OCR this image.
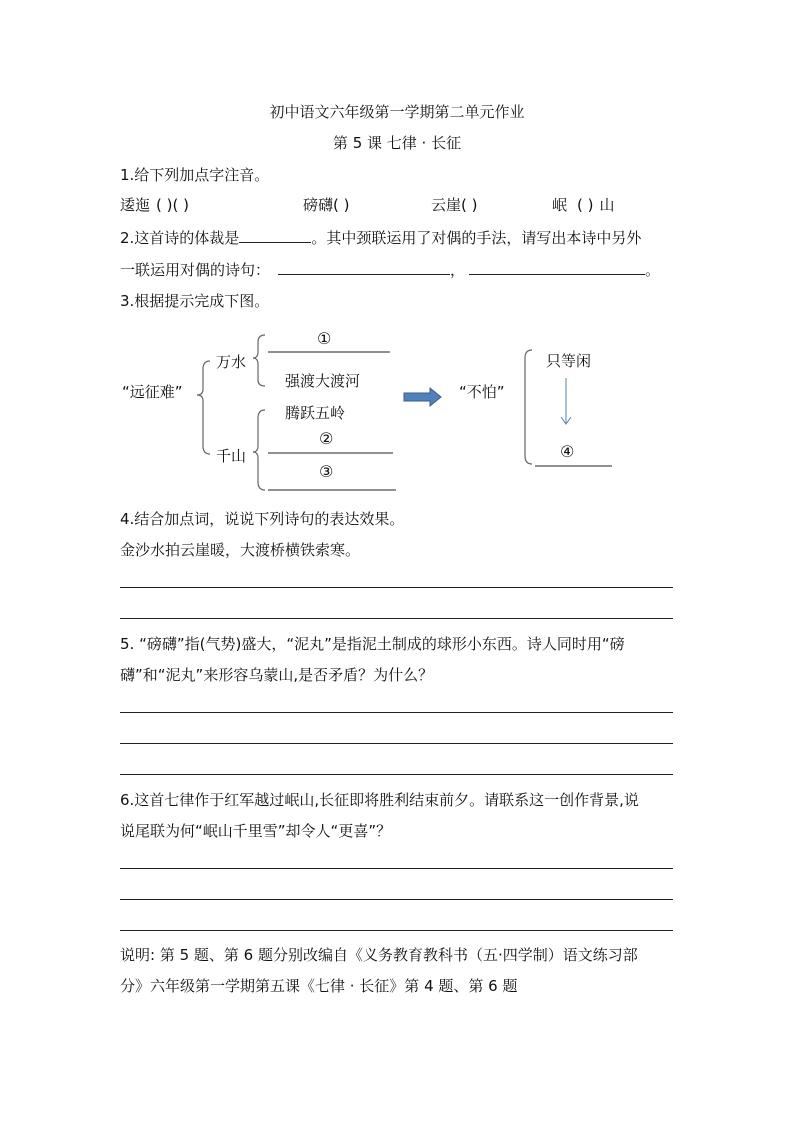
初中语文六年级第一学期第二单元作业
第 5 课 七律 · 长征
1.给下列加点字注音。
逶迤 ( )( )	磅礴( )	云崖( )	岷 ( ) 山
2.这首诗的体裁是	。其中颈联运用了对偶的手法，请写出本诗中另外
一联运用对偶的诗句：	，	。
3.根据提示完成下图。
“远征难”
万水
千山
①
强渡大渡河
腾跃五岭
②
③
“不怕”
只等闲
④
4.结合加点词，说说下列诗句的表达效果。
金沙水拍云崖暖，大渡桥横铁索寒。
5. “磅礴”指(气势)盛大，“泥丸”是指泥土制成的球形小东西。诗人同时用“磅
礴”和“泥丸”来形容乌蒙山,是否矛盾？为什么？
6.这首七律作于红军越过岷山,长征即将胜利结束前夕。请联系这一创作背景,说
说尾联为何“岷山千里雪”却令人“更喜”？
说明: 第 5 题、第 6 题分别改编自《义务教育教科书（五·四学制）语文练习部
分》六年级第一学期第五课《七律 · 长征》第 4 题、第 6 题
